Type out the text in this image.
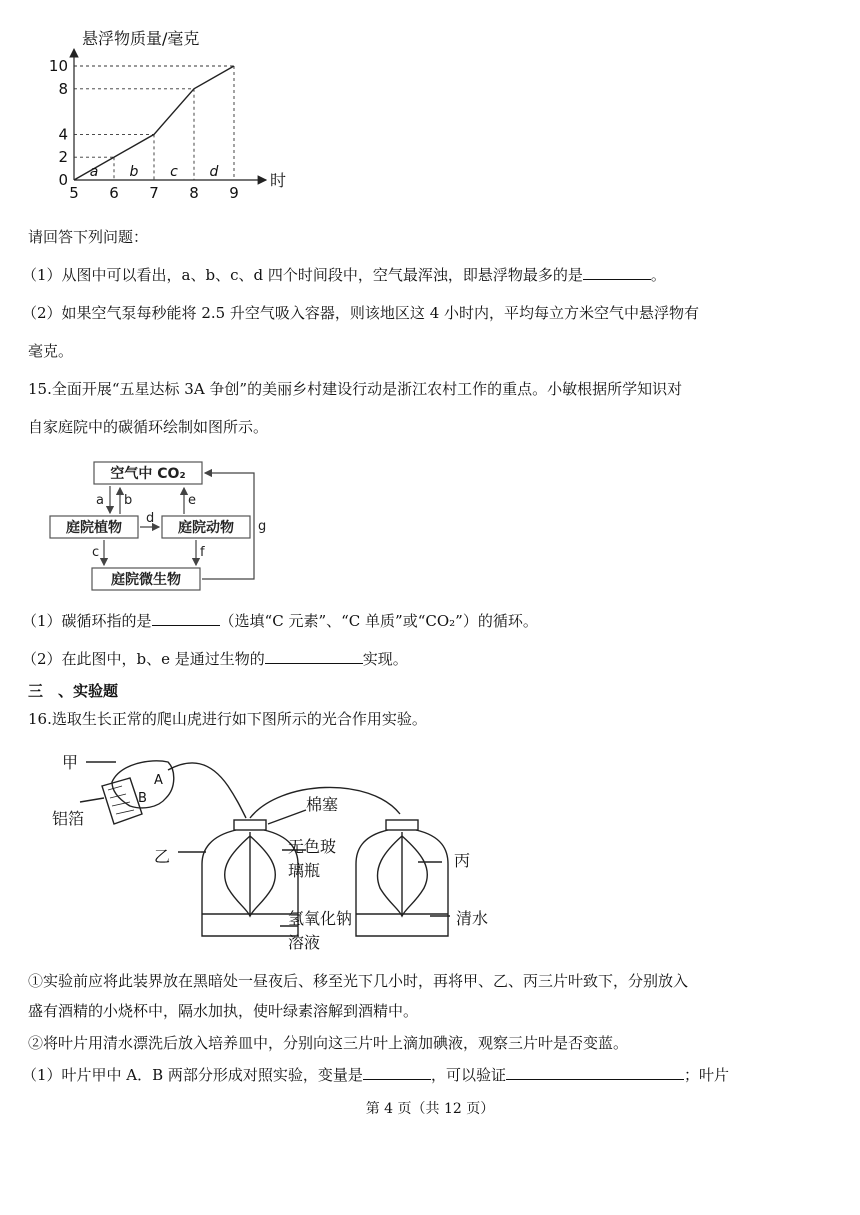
5 6 7 8 9
0
2
4
8
10
a b c d
悬浮物质量/毫克
时
请回答下列问题：
（1）从图中可以看出，a、b、c、d 四个时间段中，空气最浑浊，即悬浮物最多的是	。
（2）如果空气泵每秒能将 2.5 升空气吸入容器，则该地区这 4 小时内，平均每立方米空气中悬浮物有
毫克。
15.全面开展“五星达标 3A 争创”的美丽乡村建设行动是浙江农村工作的重点。小敏根据所学知识对
自家庭院中的碳循环绘制如图所示。
空气中 CO₂
庭院植物	庭院动物
庭院微生物
a b
d
e
c	f
g
（1）碳循环指的是	（选填“C 元素”、“C 单质”或“CO₂”）的循环。
（2）在此图中，b、e 是通过生物的	实现。
三　、实验题
16.选取生长正常的爬山虎进行如下图所示的光合作用实验。
甲
铝箔
A
B
乙
棉塞
无色玻
璃瓶
丙
氢氧化钠
溶液
清水
①实验前应将此装界放在黑暗处一昼夜后、移至光下几小时，再将甲、乙、丙三片叶致下，分别放入
盛有酒精的小烧杯中，隔水加执，使叶绿素溶解到酒精中。
②将叶片用清水漂洗后放入培养皿中，分别向这三片叶上滴加碘液，观察三片叶是否变蓝。
（1）叶片甲中 A．B 两部分形成对照实验，变量是	，可以验证	；叶片
第 4 页（共 12 页）
